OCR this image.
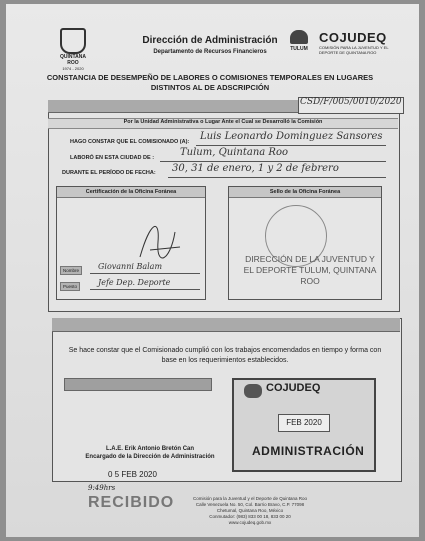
QUINTANA ROO
1974 - 2020
Dirección de Administración
Departamento de Recursos Financieros	TULUM
COJUDEQ
COMISIÓN PARA LA JUVENTUD Y EL DEPORTE DE QUINTANA ROO
CONSTANCIA DE DESEMPEÑO DE LABORES O COMISIONES TEMPORALES EN LUGARES DISTINTOS AL DE ADSCRIPCIÓN
CSD/F/005/0010/2020
Por la Unidad Administrativa o Lugar Ante el Cual se Desarrolló la Comisión
HAGO CONSTAR QUE EL COMISIONADO (A): Luis Leonardo Dominguez Sansores
LABORÓ EN ESTA CIUDAD DE :	Tulum, Quintana Roo
DURANTE EL PERÍODO DE FECHA: 30, 31 de enero, 1 y 2 de febrero
Certificación de la Oficina Foránea
Nombre	Giovanni Balam
Puesto	Jefe Dep. Deporte
Sello de la Oficina Foránea
DIRECCIÓN DE LA JUVENTUD Y EL DEPORTE TULUM, QUINTANA ROO
Se hace constar que el Comisionado cumplió con los trabajos encomendados en tiempo y forma con base en los requerimientos establecidos.
COJUDEQ
FEB 2020
ADMINISTRACIÓN
L.A.E. Erik Antonio Bretón Can
Encargado de la Dirección de Administración
0 5 FEB 2020
9:49hrs
RECIBIDO	Comisión para la Juventud y el Deporte de Quintana Roo
Calle Venezuela No. 50, Col. Barrio Bravo, C.P. 77098
Chetumal, Quintana Roo, México
Conmutador: (983) 833 00 18, 833 00 20
www.cojudeq.gob.mx
